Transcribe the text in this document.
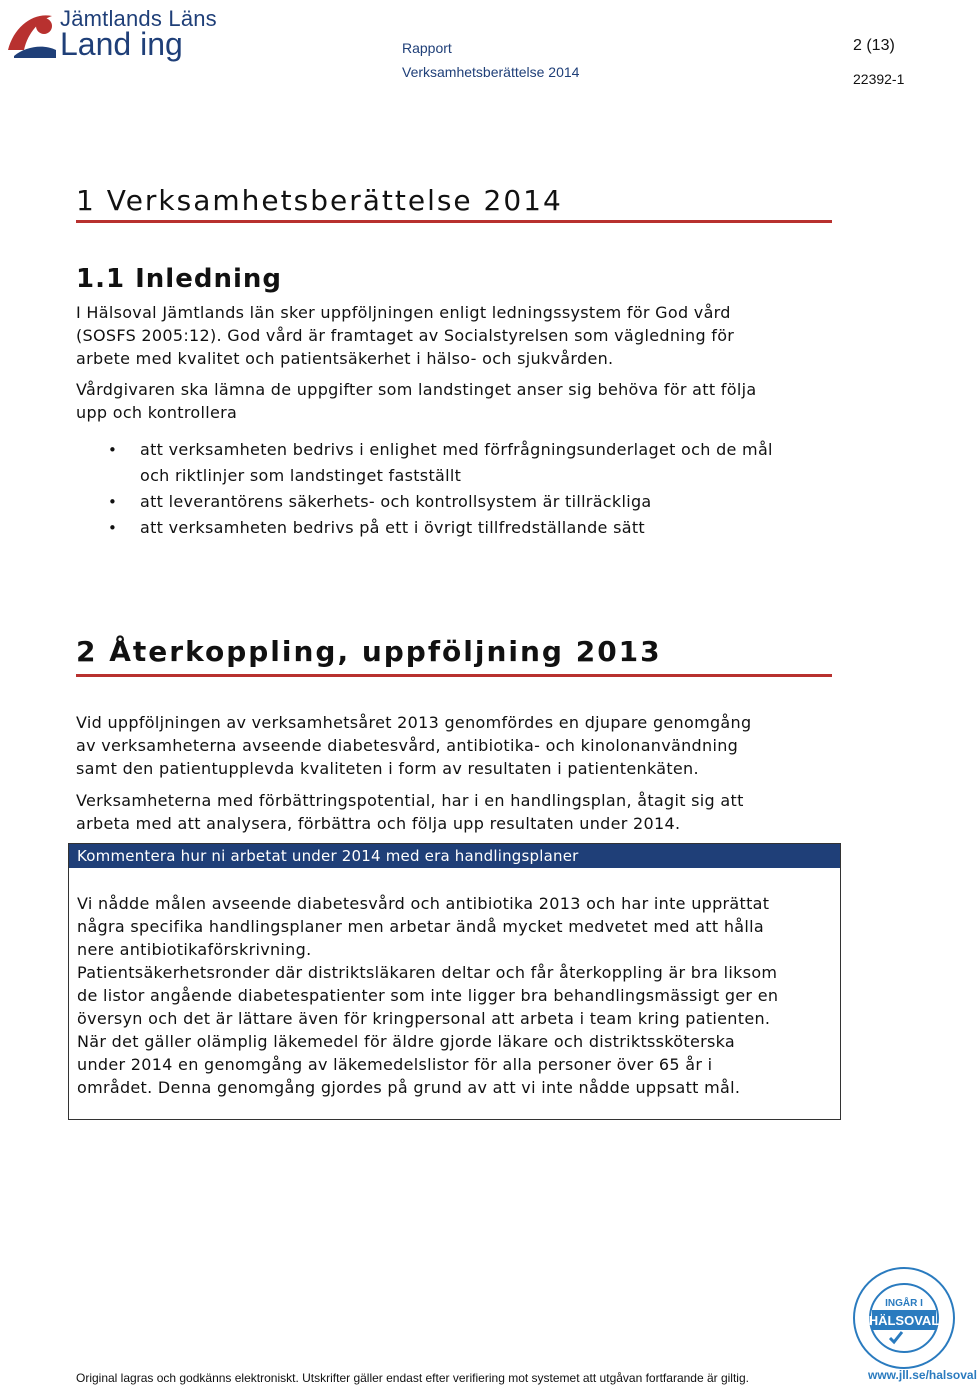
Jämtlands Läns
Land ing	Rapport
Verksamhetsberättelse 2014
2 (13)
22392-1
1 Verksamhetsberättelse 2014
1.1 Inledning
I Hälsoval Jämtlands län sker uppföljningen enligt ledningssystem för God vård
(SOSFS 2005:12). God vård är framtaget av Socialstyrelsen som vägledning för
arbete med kvalitet och patientsäkerhet i hälso- och sjukvården.
Vårdgivaren ska lämna de uppgifter som landstinget anser sig behöva för att följa
upp och kontrollera
• att verksamheten bedrivs i enlighet med förfrågningsunderlaget och de mål
och riktlinjer som landstinget fastställt
• att leverantörens säkerhets- och kontrollsystem är tillräckliga
• att verksamheten bedrivs på ett i övrigt tillfredställande sätt
2 Återkoppling, uppföljning 2013
Vid uppföljningen av verksamhetsåret 2013 genomfördes en djupare genomgång
av verksamheterna avseende diabetesvård, antibiotika- och kinolonanvändning
samt den patientupplevda kvaliteten i form av resultaten i patientenkäten.
Verksamheterna med förbättringspotential, har i en handlingsplan, åtagit sig att
arbeta med att analysera, förbättra och följa upp resultaten under 2014.
Kommentera hur ni arbetat under 2014 med era handlingsplaner
Vi nådde målen avseende diabetesvård och antibiotika 2013 och har inte upprättat
några specifika handlingsplaner men arbetar ändå mycket medvetet med att hålla
nere antibiotikaförskrivning.
Patientsäkerhetsronder där distriktsläkaren deltar och får återkoppling är bra liksom
de listor angående diabetespatienter som inte ligger bra behandlingsmässigt ger en
översyn och det är lättare även för kringpersonal att arbeta i team kring patienten.
När det gäller olämplig läkemedel för äldre gjorde läkare och distriktssköterska
under 2014 en genomgång av läkemedelslistor för alla personer över 65 år i
området. Denna genomgång gjordes på grund av att vi inte nådde uppsatt mål.
INGÅR I
HÄLSOVAL
www.jll.se/halsoval
Original lagras och godkänns elektroniskt. Utskrifter gäller endast efter verifiering mot systemet att utgåvan fortfarande är giltig.
